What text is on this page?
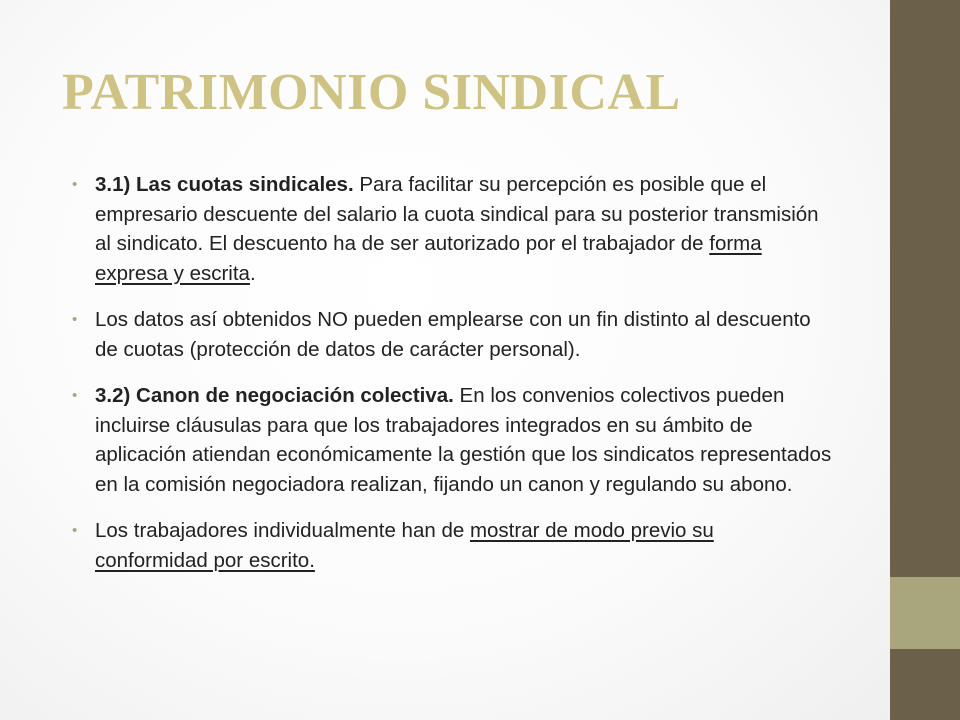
PATRIMONIO SINDICAL
• 3.1) Las cuotas sindicales. Para facilitar su percepción es posible que el empresario descuente del salario la cuota sindical para su posterior transmisión al sindicato. El descuento ha de ser autorizado por el trabajador de forma expresa y escrita.
• Los datos así obtenidos NO pueden emplearse con un fin distinto al descuento de cuotas (protección de datos de carácter personal).
• 3.2) Canon de negociación colectiva. En los convenios colectivos pueden incluirse cláusulas para que los trabajadores integrados en su ámbito de aplicación atiendan económicamente la gestión que los sindicatos representados en la comisión negociadora realizan, fijando un canon y regulando su abono.
• Los trabajadores individualmente han de mostrar de modo previo su conformidad por escrito.
